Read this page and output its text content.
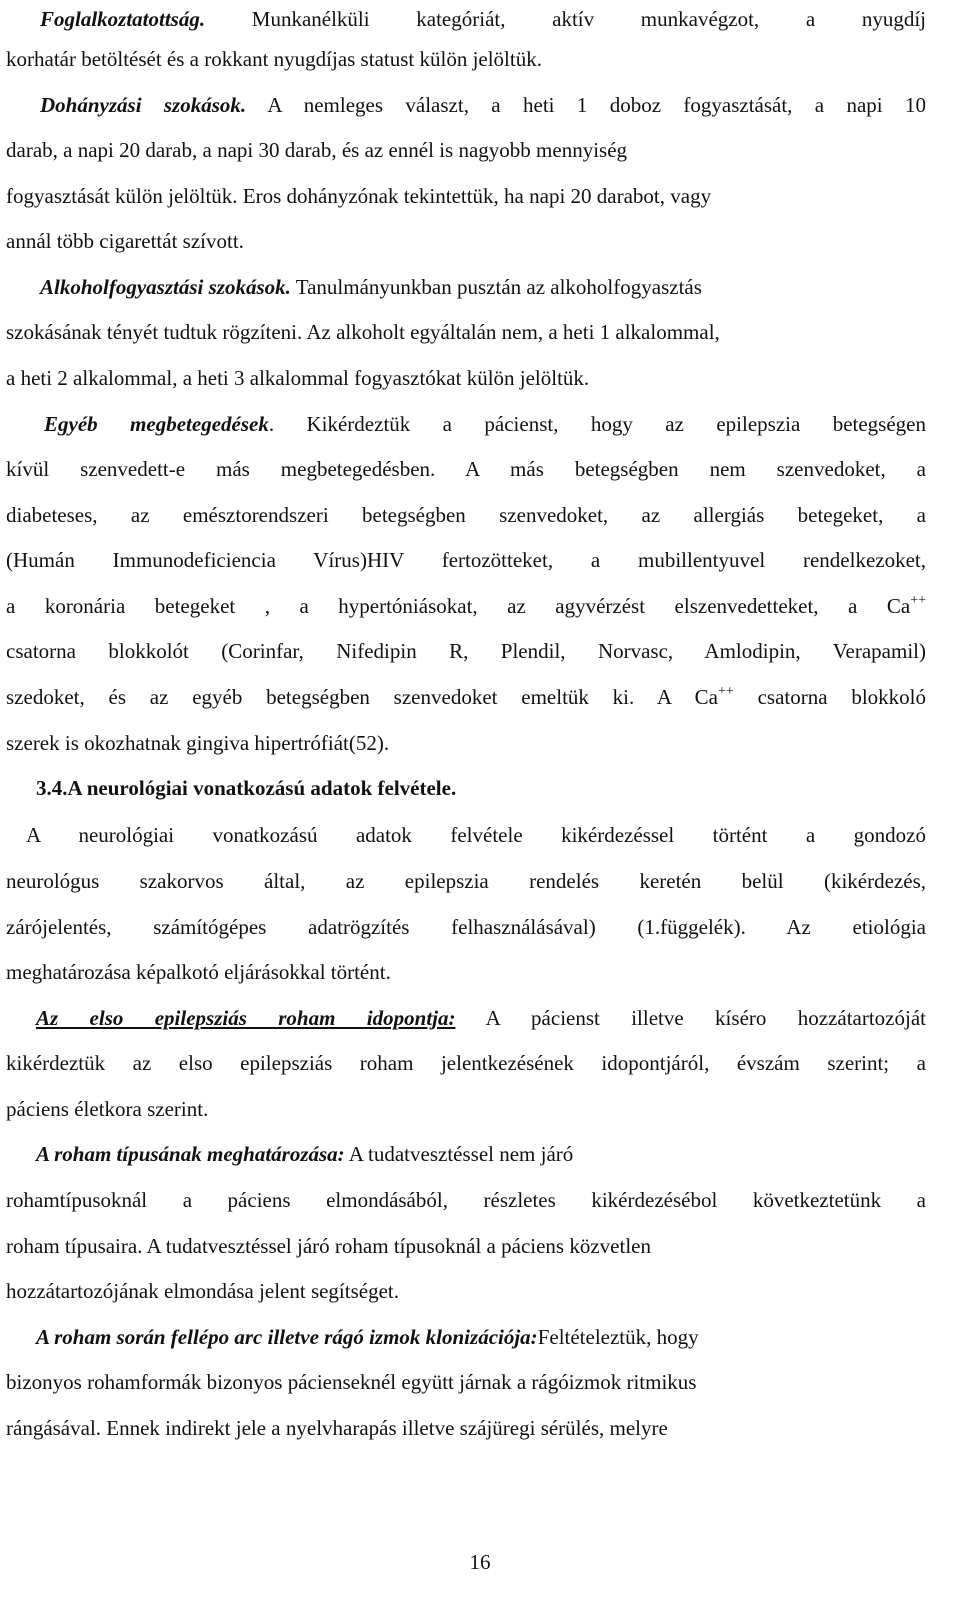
Foglalkoztatottság. Munkanélküli kategóriát, aktív munkavégzot, a nyugdíj
korhatár betöltését és a rokkant nyugdíjas statust külön jelöltük.
Dohányzási szokások. A nemleges választ, a heti 1 doboz fogyasztását, a napi 10
darab, a napi 20 darab, a napi 30 darab, és az ennél is nagyobb mennyiség
fogyasztását külön jelöltük. Eros dohányzónak tekintettük, ha napi 20 darabot, vagy
annál több cigarettát szívott.
Alkoholfogyasztási szokások. Tanulmányunkban pusztán az alkoholfogyasztás
szokásának tényét tudtuk rögzíteni. Az alkoholt egyáltalán nem, a heti 1 alkalommal,
a heti 2 alkalommal, a heti 3 alkalommal fogyasztókat külön jelöltük.
Egyéb megbetegedések. Kikérdeztük a pácienst, hogy az epilepszia betegségen
kívül szenvedett-e más megbetegedésben. A más betegségben nem szenvedoket, a
diabeteses, az emésztorendszeri betegségben szenvedoket, az allergiás betegeket, a
(Humán Immunodeficiencia Vírus)HIV fertozötteket, a mubillentyuvel rendelkezoket,
a koronária betegeket , a hypertóniásokat, az agyvérzést elszenvedetteket, a Ca++
csatorna blokkolót (Corinfar, Nifedipin R, Plendil, Norvasc, Amlodipin, Verapamil)
szedoket, és az egyéb betegségben szenvedoket emeltük ki. A Ca++ csatorna blokkoló
szerek is okozhatnak gingiva hipertrófiát(52).
3.4.A neurológiai vonatkozású adatok felvétele.
A neurológiai vonatkozású adatok felvétele kikérdezéssel történt a gondozó
neurológus szakorvos által, az epilepszia rendelés keretén belül (kikérdezés,
zárójelentés, számítógépes adatrögzítés felhasználásával) (1.függelék). Az etiológia
meghatározása képalkotó eljárásokkal történt.
Az elso epilepsziás roham idopontja: A pácienst illetve kíséro hozzátartozóját
kikérdeztük az elso epilepsziás roham jelentkezésének idopontjáról, évszám szerint; a
páciens életkora szerint.
A roham típusának meghatározása: A tudatvesztéssel nem járó
rohamtípusoknál a páciens elmondásából, részletes kikérdezésébol következtetünk a
roham típusaira. A tudatvesztéssel járó roham típusoknál a páciens közvetlen
hozzátartozójának elmondása jelent segítséget.
A roham során fellépo arc illetve rágó izmok klonizációja:Feltételeztük, hogy
bizonyos rohamformák bizonyos pácienseknél együtt járnak a rágóizmok ritmikus
rángásával. Ennek indirekt jele a nyelvharapás illetve szájüregi sérülés, melyre
16
